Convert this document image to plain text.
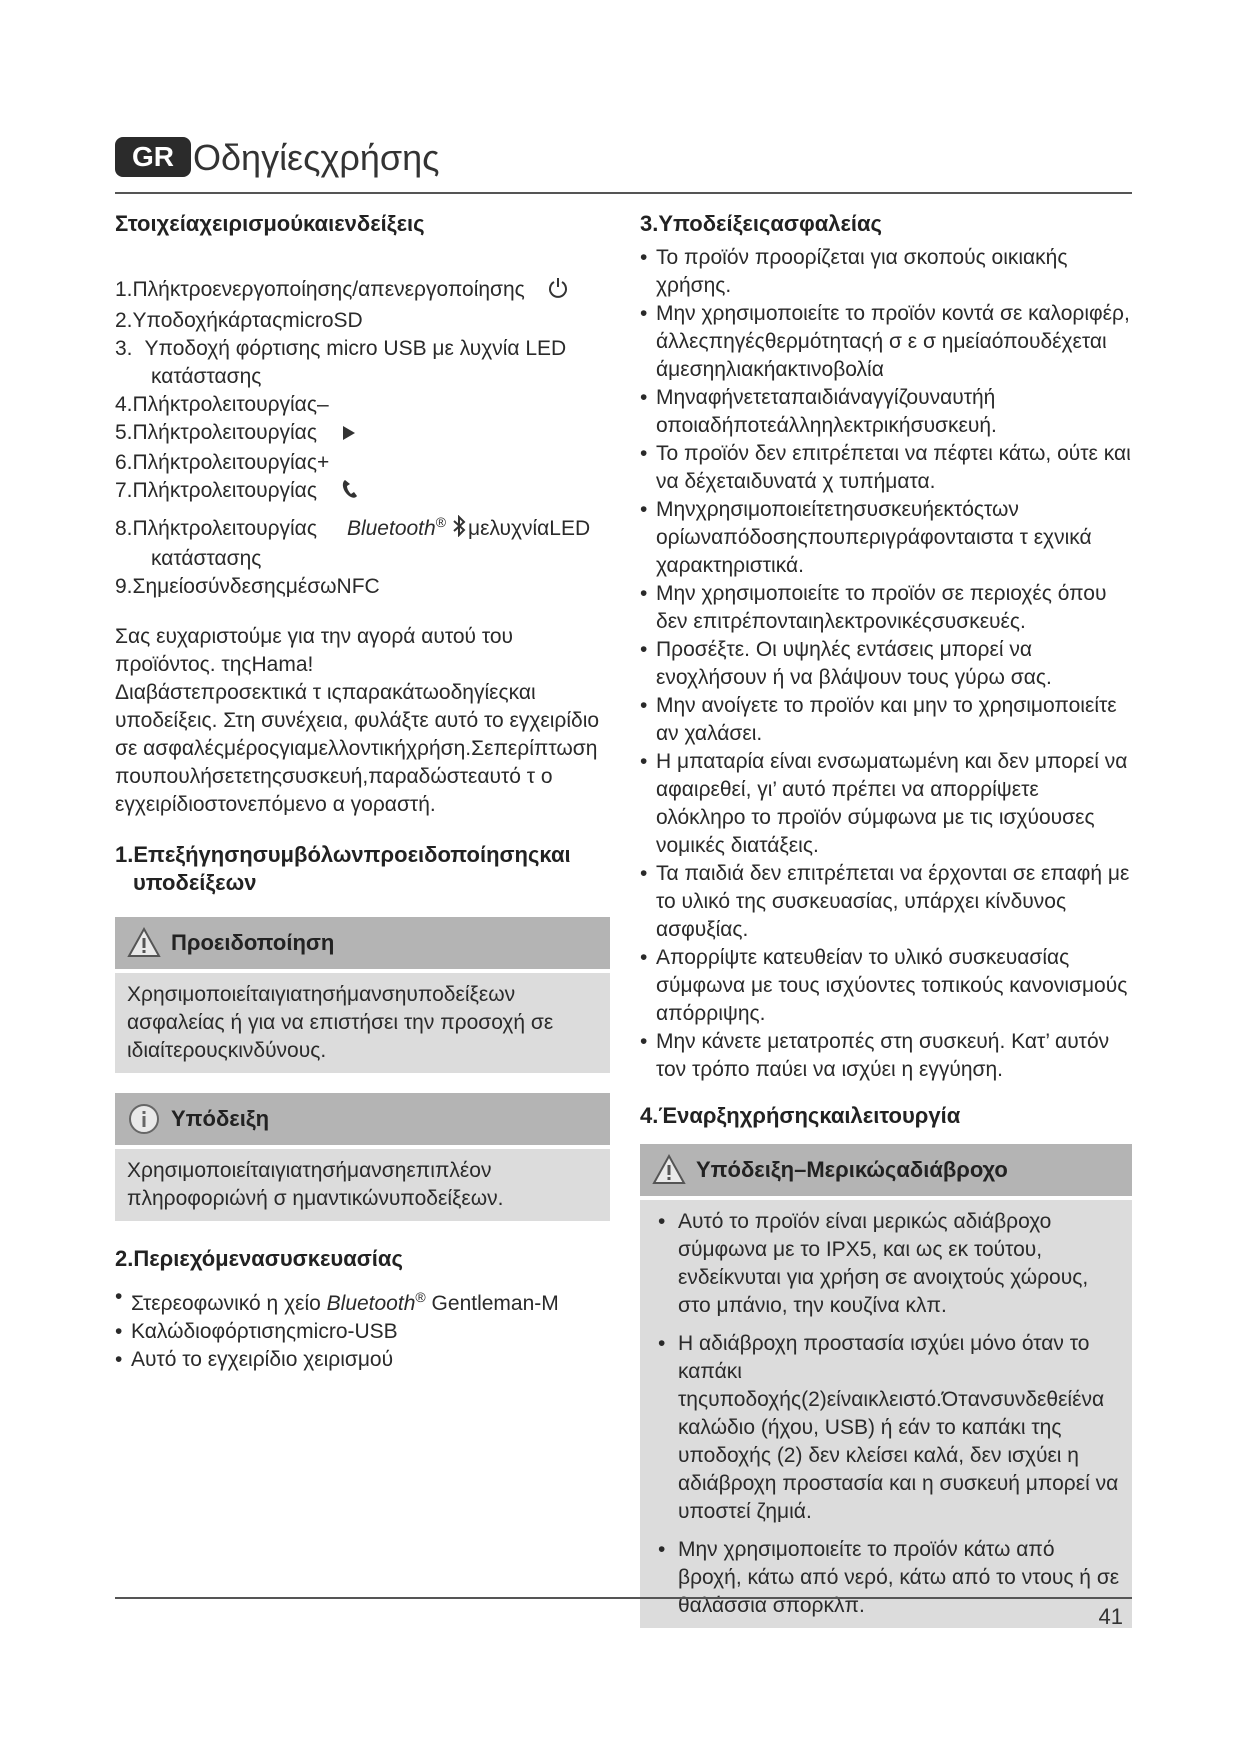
GR Οδηγίεςχρήσης
Στοιχείαχειρισμούκαιενδείξεις
1.Πλήκτροενεργοποίησης/απενεργοποίησης
2.ΥποδοχήκάρταςmicroSD
3. Υποδοχή φόρτισης micro USB με λυχνία LED κατάστασης
4.Πλήκτρολειτουργίας–
5.Πλήκτρολειτουργίας
6.Πλήκτρολειτουργίας+
7.Πλήκτρολειτουργίας
8.Πλήκτρολειτουργίας Bluetooth® μελυχνίαLED
κατάστασης
9.ΣημείοσύνδεσηςμέσωNFC

Σας ευχαριστούμε για την αγορά αυτού του προϊόντος. τηςHama!

Διαβάστεπροσεκτικά τ ιςπαρακάτωοδηγίεςκαι υποδείξεις. Στη συνέχεια, φυλάξτε αυτό το εγχειρίδιο σε ασφαλέςμέροςγιαμελλοντικήχρήση.Σεπερίπτωση πουπουλήσετετηςσυσκευή,παραδώστεαυτό τ ο εγχειρίδιοστονεπόμενο α γοραστή.

1.Επεξήγησησυμβόλωνπροειδοποίησηςκαι υποδείξεων
Προειδοποίηση
Χρησιμοποιείταιγιατησήμανσηυποδείξεων ασφαλείας ή για να επιστήσει την προσοχή σε ιδιαίτερουςκινδύνους.
Υπόδειξη
Χρησιμοποιείταιγιατησήμανσηεπιπλέον πληροφοριώνή σ ημαντικώνυποδείξεων.
2.Περιεχόμενασυσκευασίας
• Στερεοφωνικό η χείο Bluetooth® Gentleman-M
• Καλώδιοφόρτισηςmicro-USB
• Αυτό το εγχειρίδιο χειρισμού
3.Υποδείξειςασφαλείας
• Το προϊόν προορίζεται για σκοπούς οικιακής χρήσης.
• Μην χρησιμοποιείτε το προϊόν κοντά σε καλοριφέρ, άλλεςπηγέςθερμότηταςή σ ε σ ημείαόπουδέχεται άμεσηηλιακήακτινοβολία
• Μηναφήνετεταπαιδιάναγγίζουναυτήή οποιαδήποτεάλληηλεκτρικήσυσκευή.
• Το προϊόν δεν επιτρέπεται να πέφτει κάτω, ούτε και να δέχεταιδυνατά χ τυπήματα.
• Μηνχρησιμοποιείτετησυσκευήεκτόςτων ορίωναπόδοσηςπουπεριγράφονταιστα τ εχνικά χαρακτηριστικά.
• Μην χρησιμοποιείτε το προϊόν σε περιοχές όπου δεν επιτρέπονταιηλεκτρονικέςσυσκευές.
• Προσέξτε. Οι υψηλές εντάσεις μπορεί να ενοχλήσουν ή να βλάψουν τους γύρω σας.
• Μην ανοίγετε το προϊόν και μην το χρησιμοποιείτε αν χαλάσει.
• Η μπαταρία είναι ενσωματωμένη και δεν μπορεί να αφαιρεθεί, γι’ αυτό πρέπει να απορρίψετε ολόκληρο το προϊόν σύμφωνα με τις ισχύουσες νομικές διατάξεις.
• Τα παιδιά δεν επιτρέπεται να έρχονται σε επαφή με το υλικό της συσκευασίας, υπάρχει κίνδυνος ασφυξίας.
• Απορρίψτε κατευθείαν το υλικό συσκευασίας σύμφωνα με τους ισχύοντες τοπικούς κανονισμούς απόρριψης.
• Μην κάνετε μετατροπές στη συσκευή. Κατ’ αυτόν τον τρόπο παύει να ισχύει η εγγύηση.
4.Έναρξηχρήσηςκαιλειτουργία
Υπόδειξη–Μερικώςαδιάβροχο
• Αυτό το προϊόν είναι μερικώς αδιάβροχο σύμφωνα με το IPX5, και ως εκ τούτου, ενδείκνυται για χρήση σε ανοιχτούς χώρους, στο μπάνιο, την κουζίνα κλπ.
• Η αδιάβροχη προστασία ισχύει μόνο όταν το καπάκι τηςυποδοχής(2)είναικλειστό.Όтανσυνδεθείένα καλώδιο (ήχου, USB) ή εάν το καπάκι της υποδοχής (2) δεν κλείσει καλά, δεν ισχύει η αδιάβροχη προστασία και η συσκευή μπορεί να υποστεί ζημιά.
• Μην χρησιμοποιείτε το προϊόν κάτω από βροχή, κάτω από νερό, κάτω από το ντους ή σε θαλάσσια σπορκλπ.	41
